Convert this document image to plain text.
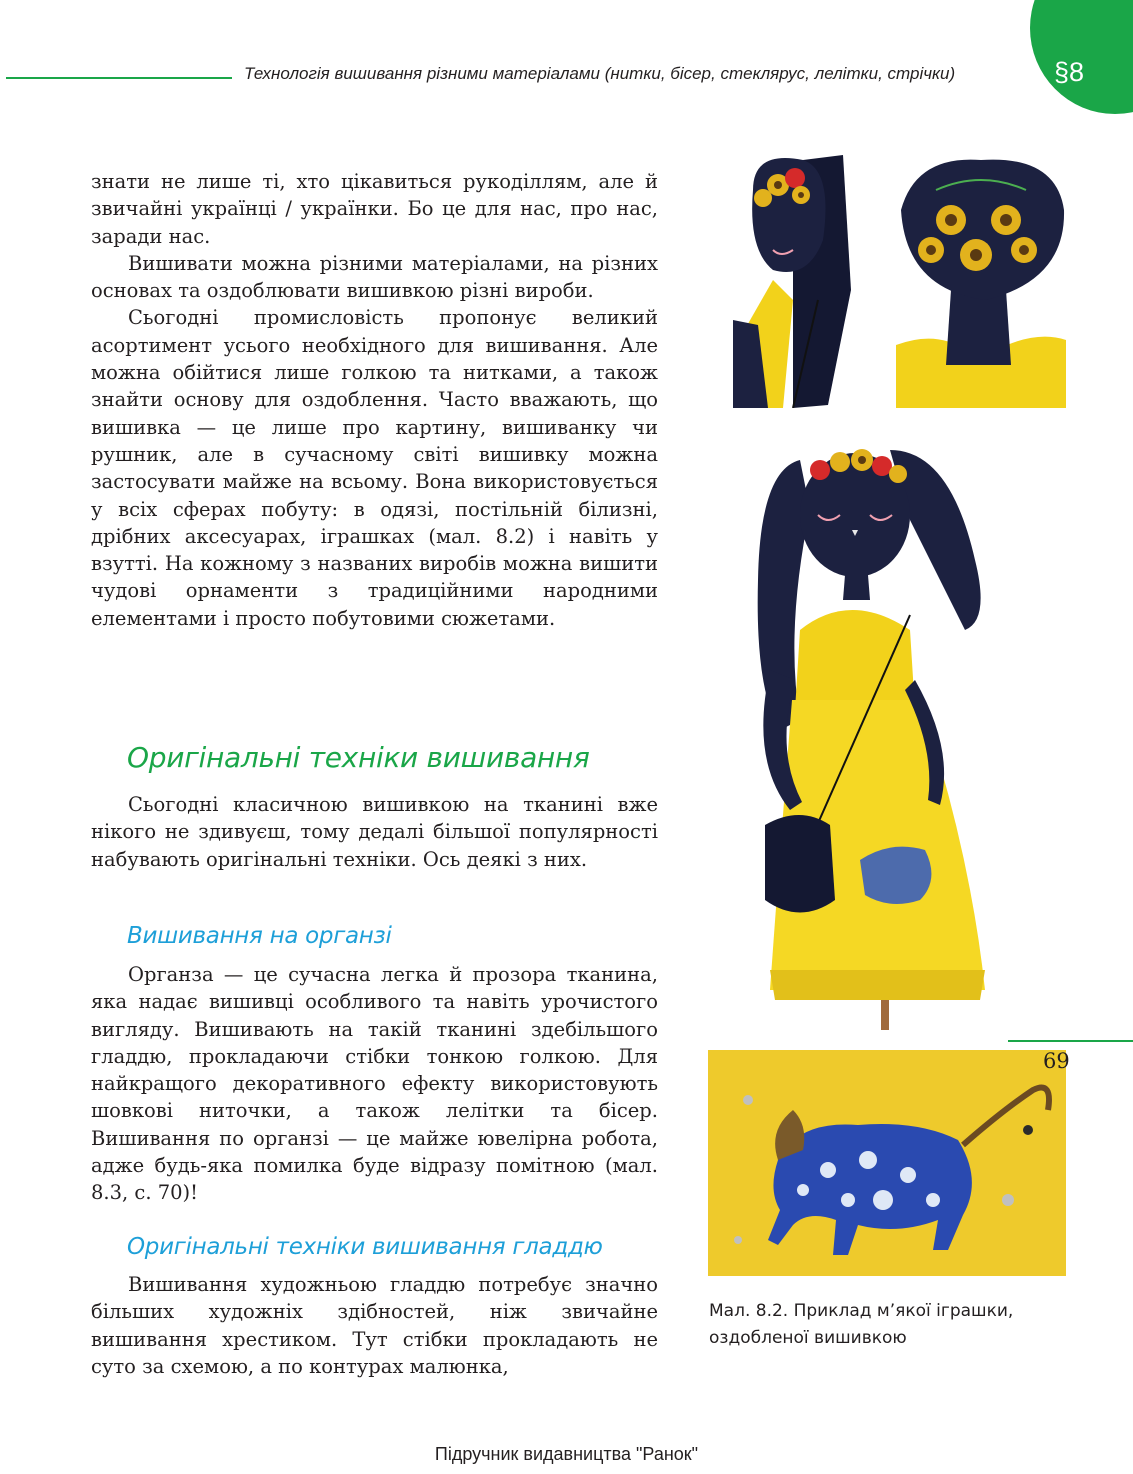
Технологія вишивання різними матеріалами (нитки, бісер, стеклярус, лелітки, стрічки)	§8

знати не лише ті, хто цікавиться рукоділлям, але й звичайні українці / українки. Бо це для нас, про нас, заради нас.

Вишивати можна різними матеріалами, на різних основах та оздоблювати вишивкою різні вироби.

Сьогодні промисловість пропонує великий асортимент усього необхідного для вишивання. Але можна обійтися лише голкою та нитками, а також знайти основу для оздоблення. Часто вважають, що вишивка — це лише про картину, вишиванку чи рушник, але в сучасному світі вишивку можна застосувати майже на всьому. Вона використовується у всіх сферах побуту: в одязі, постільній білизні, дрібних аксесуарах, іграшках (мал. 8.2) і навіть у взутті. На кожному з названих виробів можна вишити чудові орнаменти з традиційними народними елементами і просто побутовими сюжетами.

Оригінальні техніки вишивання

Сьогодні класичною вишивкою на тканині вже нікого не здивуєш, тому дедалі більшої популярності набувають оригінальні техніки. Ось деякі з них.

Вишивання на органзі

Органза — це сучасна легка й прозора тканина, яка надає вишивці особливого та навіть урочистого вигляду. Вишивають на такій тканині здебільшого гладдю, прокладаючи стібки тонкою голкою. Для найкращого декоративного ефекту використовують шовкові ниточки, а також лелітки та бісер. Вишивання по органзі — це майже ювелірна робота, адже будь-яка помилка буде відразу помітною (мал. 8.3, с. 70)!

Оригінальні техніки вишивання гладдю

Вишивання художньою гладдю потребує значно більших художніх здібностей, ніж звичайне вишивання хрестиком. Тут стібки прокладають не суто за схемою, а по контурах малюнка,

Мал. 8.2. Приклад м’якої іграшки,
оздобленої вишивкою
69
Підручник видавництва "Ранок"
